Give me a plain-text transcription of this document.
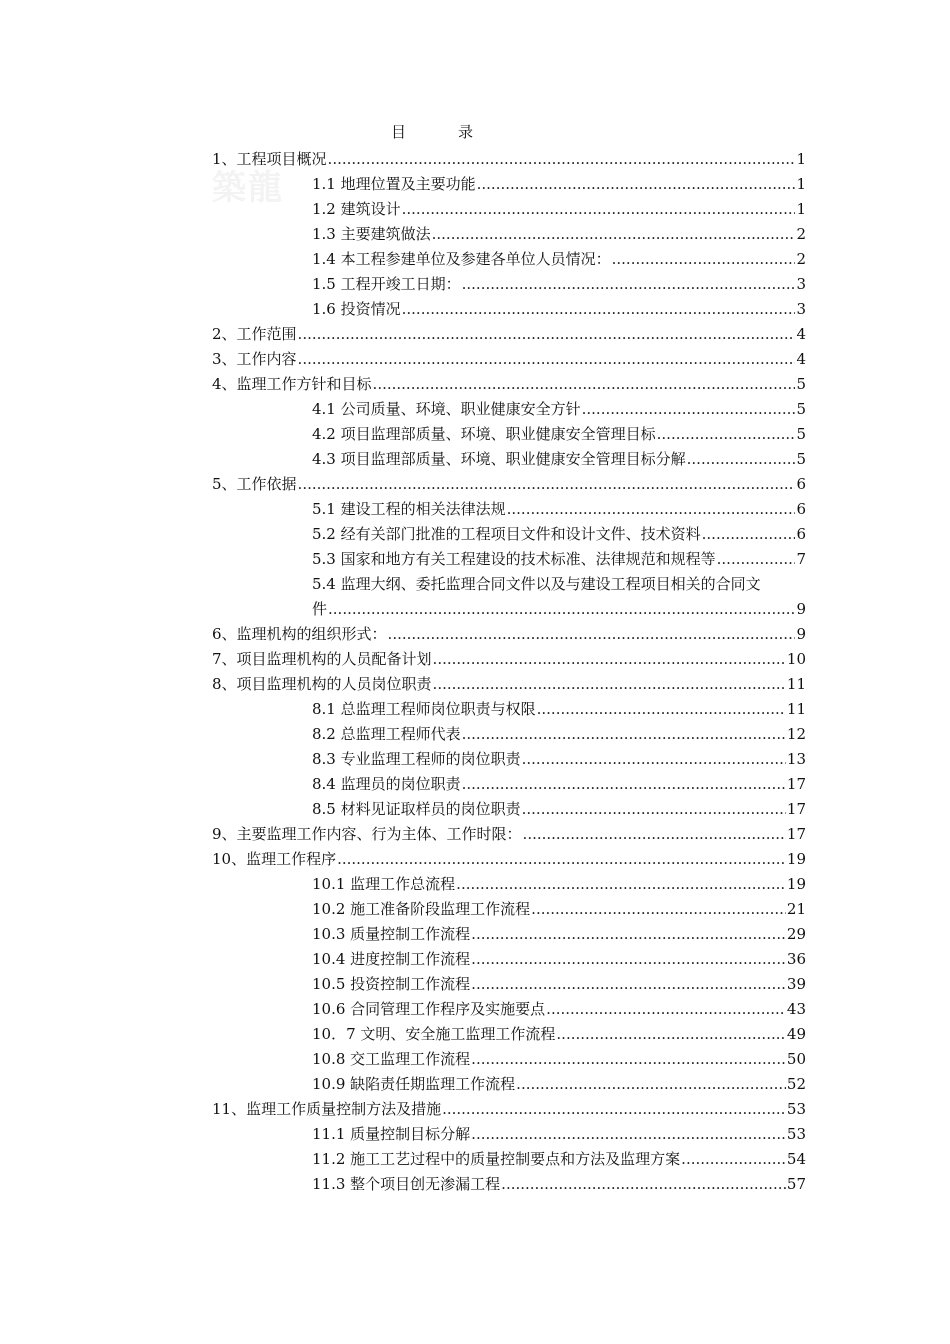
築龍
目	录
1、工程项目概况 .....	1
1.1 地理位置及主要功能 .....	1
1.2 建筑设计 .....	1
1.3 主要建筑做法 .....	2
1.4 本工程参建单位及参建各单位人员情况： .....	2
1.5 工程开竣工日期： .....	3
1.6 投资情况 .....	3
2、工作范围 .....	4
3、工作内容 .....	4
4、监理工作方针和目标 .....	5
4.1 公司质量、环境、职业健康安全方针 .....	5
4.2 项目监理部质量、环境、职业健康安全管理目标 .....	5
4.3 项目监理部质量、环境、职业健康安全管理目标分解 .....	5
5、工作依据 .....	6
5.1 建设工程的相关法律法规 .....	6
5.2 经有关部门批准的工程项目文件和设计文件、技术资料 .....	6
5.3 国家和地方有关工程建设的技术标准、法律规范和规程等 .....	7
5.4 监理大纲、委托监理合同文件以及与建设工程项目相关的合同文
件 .....	9
6、监理机构的组织形式： .....	9
7、项目监理机构的人员配备计划 .....	10
8、项目监理机构的人员岗位职责 .....	11
8.1 总监理工程师岗位职责与权限 .....	11
8.2 总监理工程师代表 .....	12
8.3 专业监理工程师的岗位职责 .....	13
8.4 监理员的岗位职责 .....	17
8.5 材料见证取样员的岗位职责 .....	17
9、主要监理工作内容、行为主体、工作时限： .....	17
10、监理工作程序 .....	19
10.1 监理工作总流程 .....	19
10.2 施工准备阶段监理工作流程 .....	21
10.3 质量控制工作流程 .....	29
10.4 进度控制工作流程 .....	36
10.5 投资控制工作流程 .....	39
10.6 合同管理工作程序及实施要点 .....	43
10．7 文明、安全施工监理工作流程 .....	49
10.8 交工监理工作流程 .....	50
10.9 缺陷责任期监理工作流程 .....	52
11、监理工作质量控制方法及措施 .....	53
11.1 质量控制目标分解 .....	53
11.2 施工工艺过程中的质量控制要点和方法及监理方案 .....	54
11.3 整个项目创无渗漏工程 .....	57
